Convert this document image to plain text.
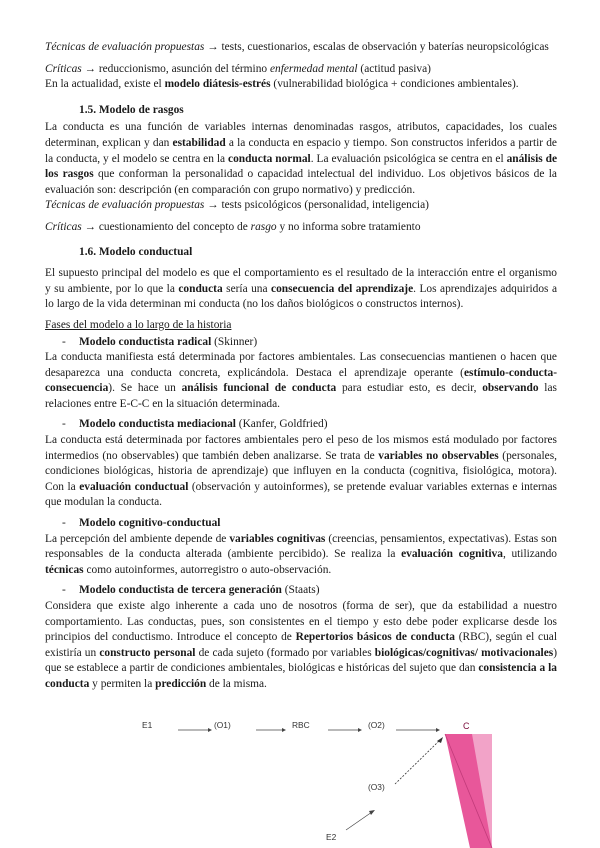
Técnicas de evaluación propuestas → tests, cuestionarios, escalas de observación y baterías neuropsicológicas

Críticas → reduccionismo, asunción del término enfermedad mental (actitud pasiva)

En la actualidad, existe el modelo diátesis-estrés (vulnerabilidad biológica + condiciones ambientales).

1.5. Modelo de rasgos

La conducta es una función de variables internas denominadas rasgos, atributos, capacidades, los cuales determinan, explican y dan estabilidad a la conducta en espacio y tiempo. Son constructos inferidos a partir de la conducta, y el modelo se centra en la conducta normal. La evaluación psicológica se centra en el análisis de los rasgos que conforman la personalidad o capacidad intelectual del individuo. Los objetivos básicos de la evaluación son: descripción (en comparación con grupo normativo) y predicción.

Técnicas de evaluación propuestas → tests psicológicos (personalidad, inteligencia)

Críticas → cuestionamiento del concepto de rasgo y no informa sobre tratamiento

1.6. Modelo conductual

El supuesto principal del modelo es que el comportamiento es el resultado de la interacción entre el organismo y su ambiente, por lo que la conducta sería una consecuencia del aprendizaje. Los aprendizajes adquiridos a lo largo de la vida determinan mi conducta (no los daños biológicos o constructos internos).

Fases del modelo a lo largo de la historia

- Modelo conductista radical (Skinner)

La conducta manifiesta está determinada por factores ambientales. Las consecuencias mantienen o hacen que desaparezca una conducta concreta, explicándola. Destaca el aprendizaje operante (estímulo-conducta-consecuencia). Se hace un análisis funcional de conducta para estudiar esto, es decir, observando las relaciones entre E-C-C en la situación determinada.

- Modelo conductista mediacional (Kanfer, Goldfried)

La conducta está determinada por factores ambientales pero el peso de los mismos está modulado por factores intermedios (no observables) que también deben analizarse. Se trata de variables no observables (personales, condiciones biológicas, historia de aprendizaje) que influyen en la conducta (cognitiva, fisiológica, motora). Con la evaluación conductual (observación y autoinformes), se pretende evaluar variables externas e internas que modulan la conducta.

- Modelo cognitivo-conductual

La percepción del ambiente depende de variables cognitivas (creencias, pensamientos, expectativas). Estas son responsables de la conducta alterada (ambiente percibido). Se realiza la evaluación cognitiva, utilizando técnicas como autoinformes, autorregistro o auto-observación.

- Modelo conductista de tercera generación (Staats)

Considera que existe algo inherente a cada uno de nosotros (forma de ser), que da estabilidad a nuestro comportamiento. Las conductas, pues, son consistentes en el tiempo y esto debe poder explicarse desde los principios del conductismo. Introduce el concepto de Repertorios básicos de conducta (RBC), según el cual existiría un constructo personal de cada sujeto (formado por variables biológicas/cognitivas/ motivacionales) que se establece a partir de condiciones ambientales, biológicas e históricas del sujeto que dan consistencia a la conducta y permiten la predicción de la misma.

E1	(O1)	RBC	(O2)	C
(O3)
E2
